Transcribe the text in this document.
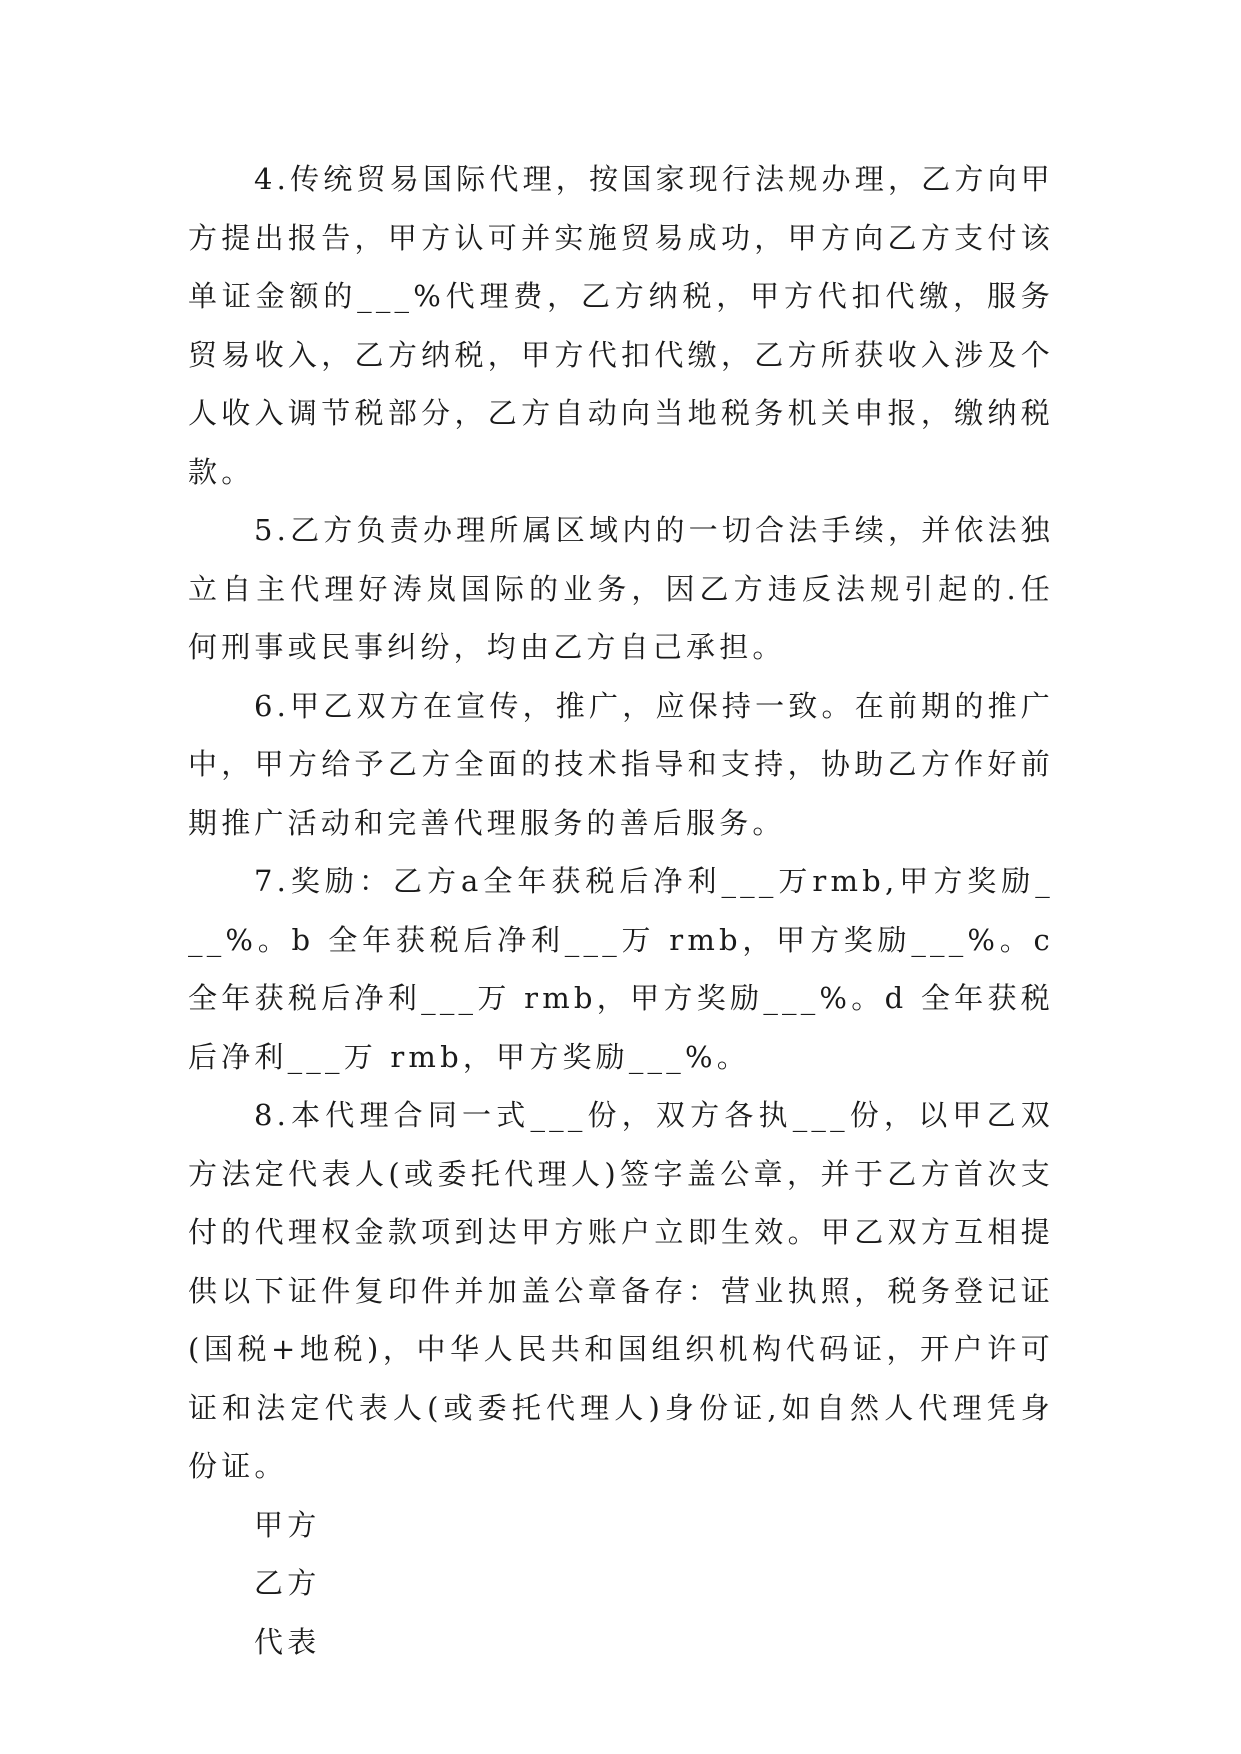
4.传统贸易国际代理，按国家现行法规办理，乙方向甲方提出报告，甲方认可并实施贸易成功，甲方向乙方支付该单证金额的___%代理费，乙方纳税，甲方代扣代缴，服务贸易收入，乙方纳税，甲方代扣代缴，乙方所获收入涉及个人收入调节税部分，乙方自动向当地税务机关申报，缴纳税款。

5.乙方负责办理所属区域内的一切合法手续，并依法独立自主代理好涛岚国际的业务，因乙方违反法规引起的.任何刑事或民事纠纷，均由乙方自己承担。

6.甲乙双方在宣传，推广，应保持一致。在前期的推广中，甲方给予乙方全面的技术指导和支持，协助乙方作好前期推广活动和完善代理服务的善后服务。

7.奖励：乙方a全年获税后净利___万rmb,甲方奖励___%。b 全年获税后净利___万 rmb，甲方奖励___%。c 全年获税后净利___万 rmb，甲方奖励___%。d 全年获税后净利___万 rmb，甲方奖励___%。

8.本代理合同一式___份，双方各执___份，以甲乙双方法定代表人(或委托代理人)签字盖公章，并于乙方首次支付的代理权金款项到达甲方账户立即生效。甲乙双方互相提供以下证件复印件并加盖公章备存：营业执照，税务登记证(国税+地税)，中华人民共和国组织机构代码证，开户许可证和法定代表人(或委托代理人)身份证,如自然人代理凭身份证。

甲方

乙方

代表
